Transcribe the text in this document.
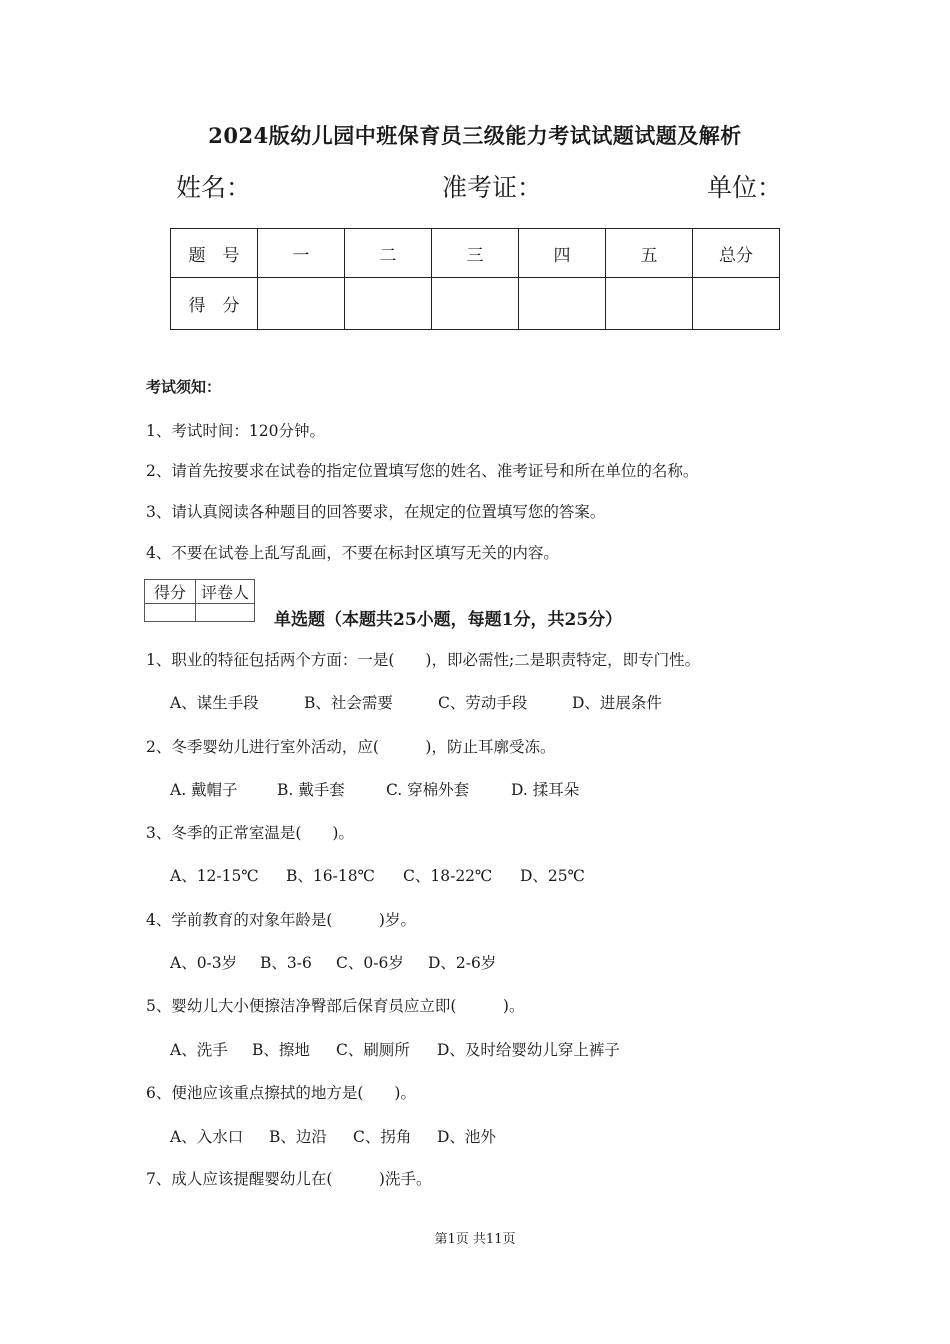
2024版幼儿园中班保育员三级能力考试试题试题及解析
姓名：	准考证：	单位：
题　号	一	二	三	四	五	总分
得　分						
考试须知：
1、考试时间：120分钟。
2、请首先按要求在试卷的指定位置填写您的姓名、准考证号和所在单位的名称。
3、请认真阅读各种题目的回答要求，在规定的位置填写您的答案。
4、不要在试卷上乱写乱画，不要在标封区填写无关的内容。
得分	评卷人

单选题（本题共25小题，每题1分，共25分）
1、职业的特征包括两个方面：一是(　　)，即必需性;二是职责特定，即专门性。
A、谋生手段	B、社会需要	C、劳动手段	D、进展条件
2、冬季婴幼儿进行室外活动，应(　　　)，防止耳廓受冻。
A. 戴帽子	B. 戴手套	C. 穿棉外套	D. 揉耳朵
3、冬季的正常室温是(　　)。
A、12-15℃ B、16-18℃ C、18-22℃ D、25℃
4、学前教育的对象年龄是(　　　)岁。
A、0-3岁 B、3-6 C、0-6岁 D、2-6岁
5、婴幼儿大小便擦洁净臀部后保育员应立即(　　　)。
A、洗手 B、擦地 C、刷厕所 D、及时给婴幼儿穿上裤子
6、便池应该重点擦拭的地方是(　　)。
A、入水口 B、边沿 C、拐角 D、池外
7、成人应该提醒婴幼儿在(　　　)洗手。
第1页 共11页
